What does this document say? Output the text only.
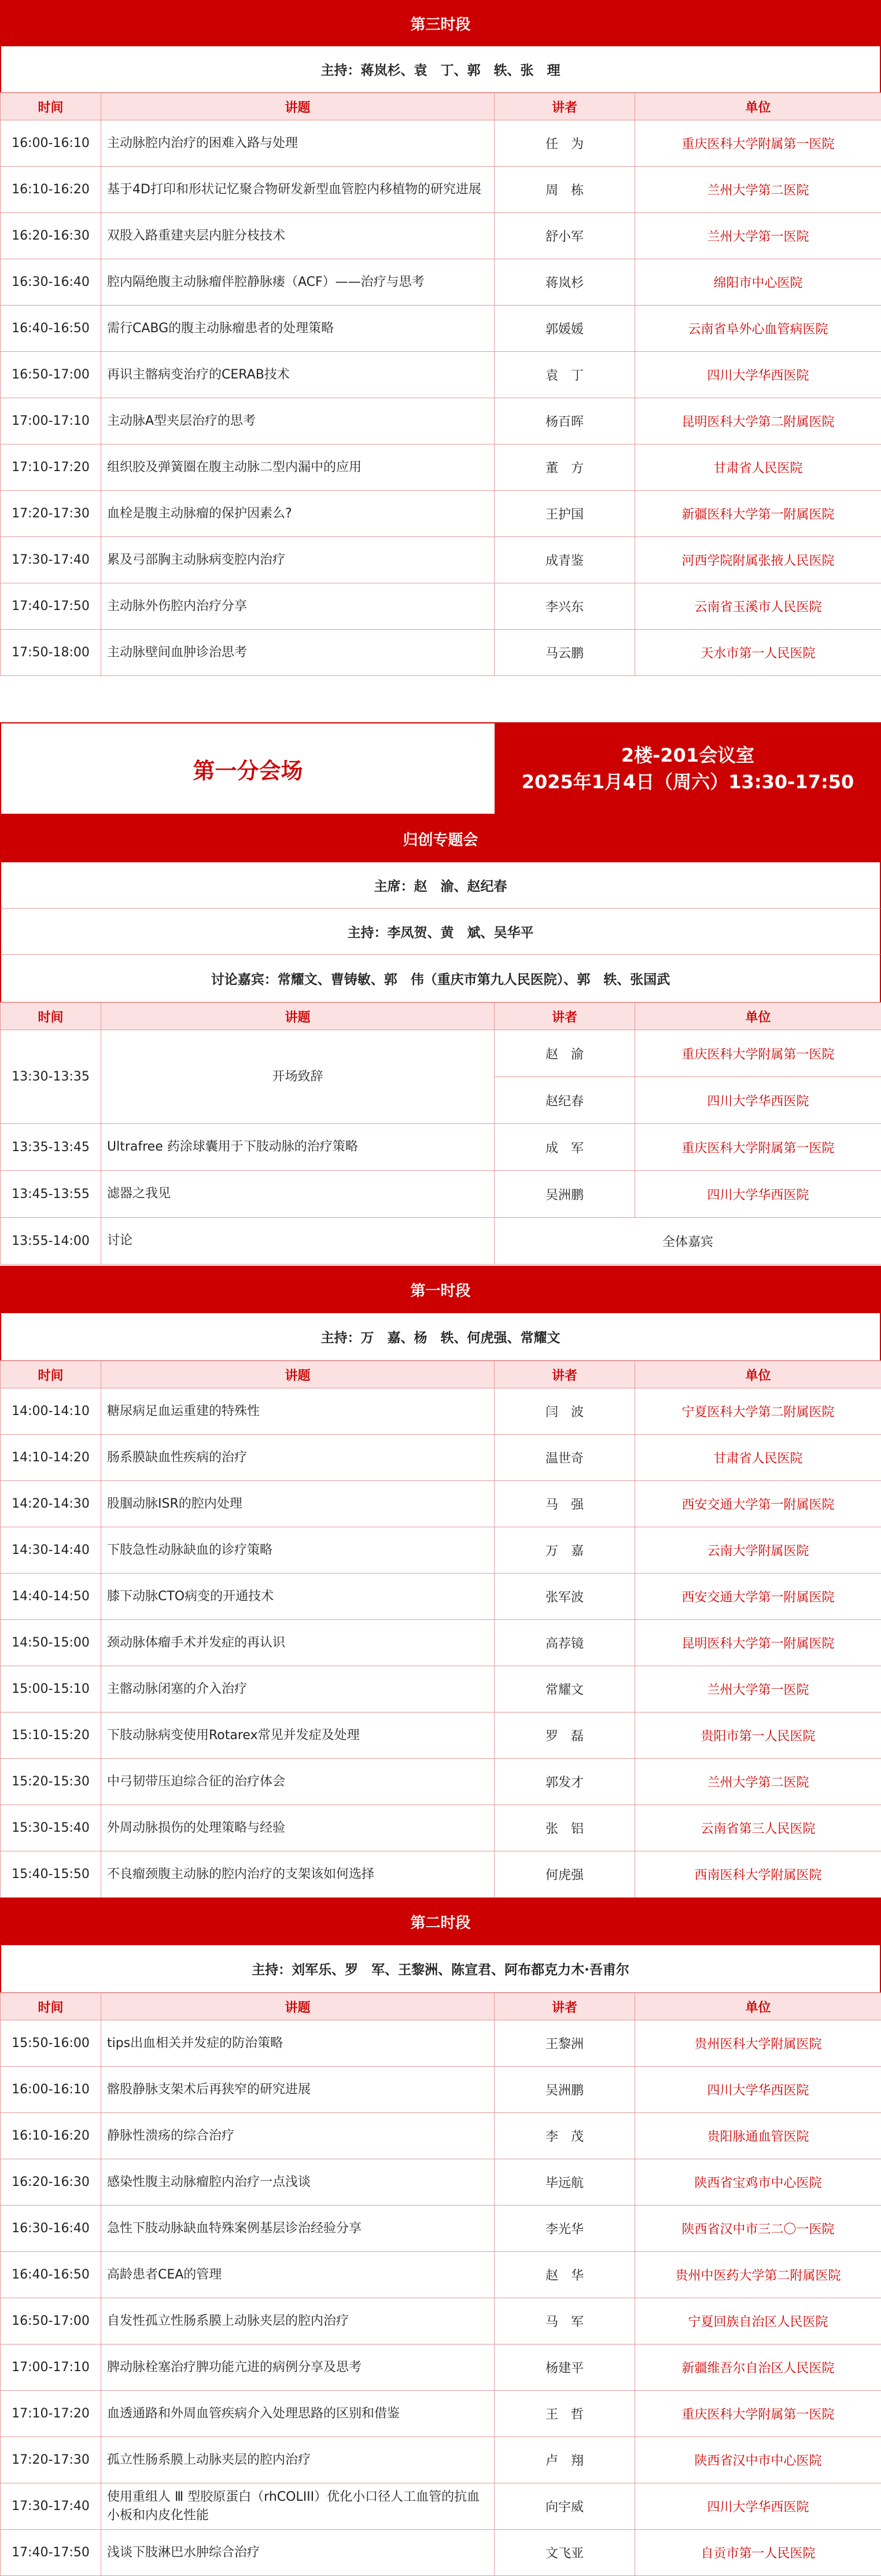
第三时段
主持：蒋岚杉、袁　丁、郭　轶、张　理
时间	讲题	讲者	单位
16:00-16:10	主动脉腔内治疗的困难入路与处理	任　为	重庆医科大学附属第一医院
16:10-16:20	基于4D打印和形状记忆聚合物研发新型血管腔内移植物的研究进展	周　栋	兰州大学第二医院
16:20-16:30	双股入路重建夹层内脏分枝技术	舒小军	兰州大学第一医院
16:30-16:40	腔内隔绝腹主动脉瘤伴腔静脉瘘（ACF）——治疗与思考	蒋岚杉	绵阳市中心医院
16:40-16:50	需行CABG的腹主动脉瘤患者的处理策略	郭媛媛	云南省阜外心血管病医院
16:50-17:00	再识主髂病变治疗的CERAB技术	袁　丁	四川大学华西医院
17:00-17:10	主动脉A型夹层治疗的思考	杨百晖	昆明医科大学第二附属医院
17:10-17:20	组织胶及弹簧圈在腹主动脉二型内漏中的应用	董　方	甘肃省人民医院
17:20-17:30	血栓是腹主动脉瘤的保护因素么?	王护国	新疆医科大学第一附属医院
17:30-17:40	累及弓部胸主动脉病变腔内治疗	成青鉴	河西学院附属张掖人民医院
17:40-17:50	主动脉外伤腔内治疗分享	李兴东	云南省玉溪市人民医院
17:50-18:00	主动脉壁间血肿诊治思考	马云鹏	天水市第一人民医院
第一分会场
2楼-201会议室
2025年1月4日（周六）13:30-17:50
归创专题会
主席：赵　渝、赵纪春
主持：李凤贺、黄　斌、吴华平
讨论嘉宾：常耀文、曹铸敏、郭　伟（重庆市第九人民医院）、郭　轶、张国武
时间	讲题	讲者	单位
13:30-13:35	开场致辞	赵　渝	重庆医科大学附属第一医院
		赵纪春	四川大学华西医院
13:35-13:45	Ultrafree 药涂球囊用于下肢动脉的治疗策略	成　军	重庆医科大学附属第一医院
13:45-13:55	滤器之我见	吴洲鹏	四川大学华西医院
13:55-14:00	讨论	全体嘉宾	
第一时段
主持：万　嘉、杨　轶、何虎强、常耀文
时间	讲题	讲者	单位
14:00-14:10	糖尿病足血运重建的特殊性	闫　波	宁夏医科大学第二附属医院
14:10-14:20	肠系膜缺血性疾病的治疗	温世奇	甘肃省人民医院
14:20-14:30	股腘动脉ISR的腔内处理	马　强	西安交通大学第一附属医院
14:30-14:40	下肢急性动脉缺血的诊疗策略	万　嘉	云南大学附属医院
14:40-14:50	膝下动脉CTO病变的开通技术	张军波	西安交通大学第一附属医院
14:50-15:00	颈动脉体瘤手术并发症的再认识	高荐镜	昆明医科大学第一附属医院
15:00-15:10	主髂动脉闭塞的介入治疗	常耀文	兰州大学第一医院
15:10-15:20	下肢动脉病变使用Rotarex常见并发症及处理	罗　磊	贵阳市第一人民医院
15:20-15:30	中弓韧带压迫综合征的治疗体会	郭发才	兰州大学第二医院
15:30-15:40	外周动脉损伤的处理策略与经验	张　铝	云南省第三人民医院
15:40-15:50	不良瘤颈腹主动脉的腔内治疗的支架该如何选择	何虎强	西南医科大学附属医院
第二时段
主持：刘军乐、罗　军、王黎洲、陈宣君、阿布都克力木·吾甫尔
时间	讲题	讲者	单位
15:50-16:00	tips出血相关并发症的防治策略	王黎洲	贵州医科大学附属医院
16:00-16:10	髂股静脉支架术后再狭窄的研究进展	吴洲鹏	四川大学华西医院
16:10-16:20	静脉性溃疡的综合治疗	李　茂	贵阳脉通血管医院
16:20-16:30	感染性腹主动脉瘤腔内治疗一点浅谈	毕远航	陕西省宝鸡市中心医院
16:30-16:40	急性下肢动脉缺血特殊案例基层诊治经验分享	李光华	陕西省汉中市三二〇一医院
16:40-16:50	高龄患者CEA的管理	赵　华	贵州中医药大学第二附属医院
16:50-17:00	自发性孤立性肠系膜上动脉夹层的腔内治疗	马　军	宁夏回族自治区人民医院
17:00-17:10	脾动脉栓塞治疗脾功能亢进的病例分享及思考	杨建平	新疆维吾尔自治区人民医院
17:10-17:20	血透通路和外周血管疾病介入处理思路的区别和借鉴	王　哲	重庆医科大学附属第一医院
17:20-17:30	孤立性肠系膜上动脉夹层的腔内治疗	卢　翔	陕西省汉中市中心医院
17:30-17:40	使用重组人 Ⅲ 型胶原蛋白（rhCOLIII）优化小口径人工血管的抗血小板和内皮化性能	向宇威	四川大学华西医院
17:40-17:50	浅谈下肢淋巴水肿综合治疗	文飞亚	自贡市第一人民医院
